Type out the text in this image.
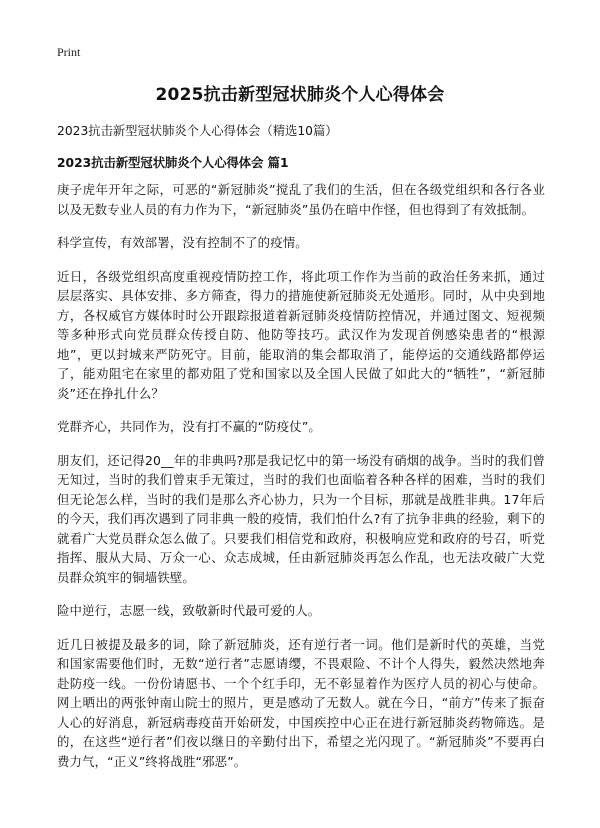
Print
2025抗击新型冠状肺炎个人心得体会
2023抗击新型冠状肺炎个人心得体会（精选10篇）
2023抗击新型冠状肺炎个人心得体会 篇1

庚子虎年开年之际，可恶的“新冠肺炎”搅乱了我们的生活，但在各级党组织和各行各业以及无数专业人员的有力作为下，“新冠肺炎”虽仍在暗中作怪，但也得到了有效抵制。

科学宣传，有效部署，没有控制不了的疫情。

近日，各级党组织高度重视疫情防控工作，将此项工作作为当前的政治任务来抓，通过层层落实、具体安排、多方筛查，得力的措施使新冠肺炎无处遁形。同时，从中央到地方，各权威官方媒体时时公开跟踪报道着新冠肺炎疫情防控情况，并通过图文、短视频等多种形式向党员群众传授自防、他防等技巧。武汉作为发现首例感染患者的“根源地”，更以封城来严防死守。目前，能取消的集会都取消了，能停运的交通线路都停运了，能劝阻宅在家里的都劝阻了党和国家以及全国人民做了如此大的“牺牲”，“新冠肺炎”还在挣扎什么？

党群齐心，共同作为，没有打不赢的“防疫仗”。

朋友们，还记得20__年的非典吗?那是我记忆中的第一场没有硝烟的战争。当时的我们曾无知过，当时的我们曾束手无策过，当时的我们也面临着各种各样的困难，当时的我们但无论怎么样，当时的我们是那么齐心协力，只为一个目标，那就是战胜非典。17年后的今天，我们再次遇到了同非典一般的疫情，我们怕什么?有了抗争非典的经验，剩下的就看广大党员群众怎么做了。只要我们相信党和政府，积极响应党和政府的号召，听党指挥、服从大局、万众一心、众志成城，任由新冠肺炎再怎么作乱，也无法攻破广大党员群众筑牢的铜墙铁壁。

险中逆行，志愿一线，致敬新时代最可爱的人。

近几日被提及最多的词，除了新冠肺炎，还有逆行者一词。他们是新时代的英雄，当党和国家需要他们时，无数“逆行者”志愿请缨，不畏艰险、不计个人得失，毅然决然地奔赴防疫一线。一份份请愿书、一个个红手印，无不彰显着作为医疗人员的初心与使命。网上晒出的两张钟南山院士的照片，更是感动了无数人。就在今日，“前方”传来了振奋人心的好消息，新冠病毒疫苗开始研发，中国疾控中心正在进行新冠肺炎药物筛选。是的，在这些“逆行者”们夜以继日的辛勤付出下，希望之光闪现了。“新冠肺炎”不要再白费力气，“正义”终将战胜“邪恶”。
